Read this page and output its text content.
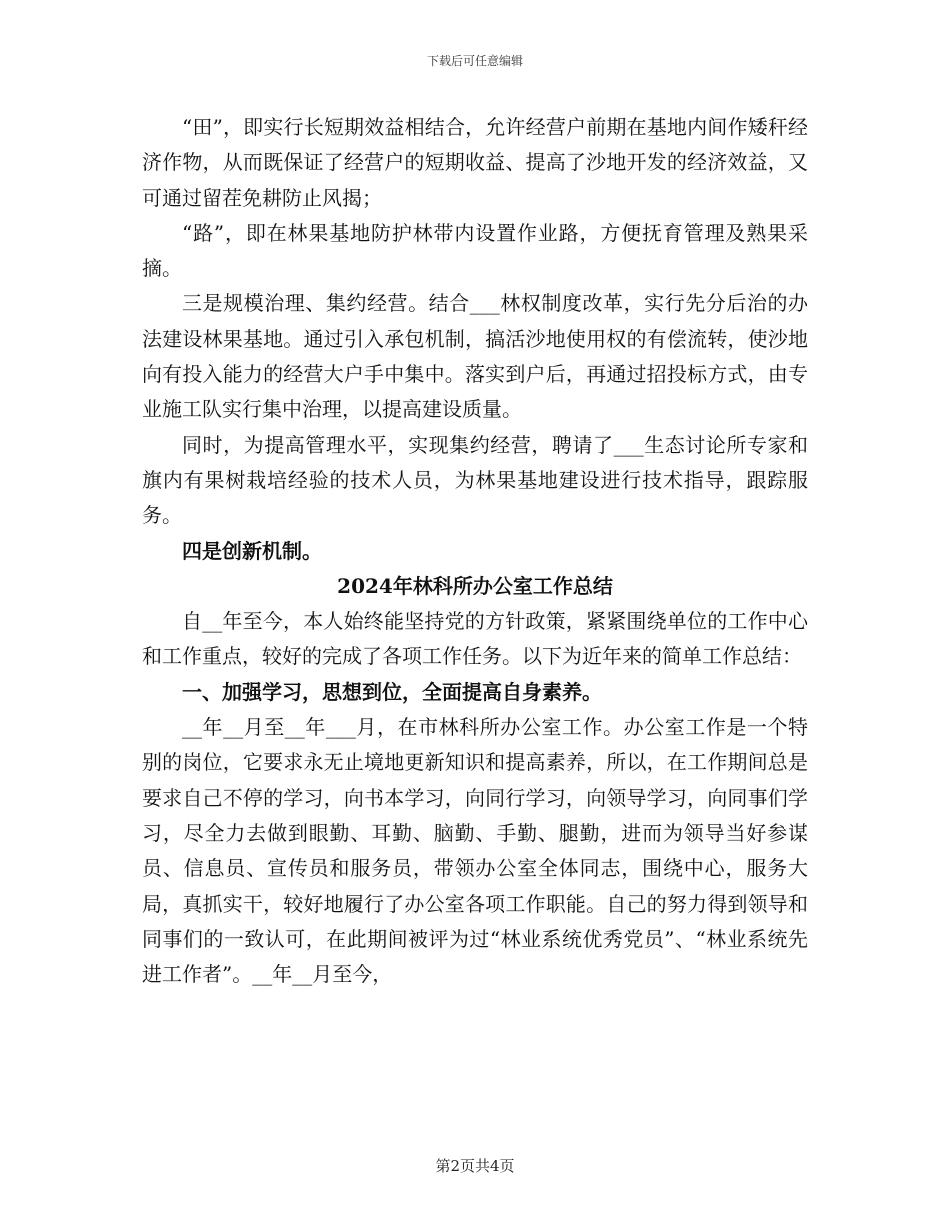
下载后可任意编辑

“田”，即实行长短期效益相结合，允许经营户前期在基地内间作矮秆经济作物，从而既保证了经营户的短期收益、提高了沙地开发的经济效益，又可通过留茬免耕防止风揭；

“路”，即在林果基地防护林带内设置作业路，方便抚育管理及熟果采摘。

三是规模治理、集约经营。结合___林权制度改革，实行先分后治的办法建设林果基地。通过引入承包机制，搞活沙地使用权的有偿流转，使沙地向有投入能力的经营大户手中集中。落实到户后，再通过招投标方式，由专业施工队实行集中治理，以提高建设质量。

同时，为提高管理水平，实现集约经营，聘请了___生态讨论所专家和旗内有果树栽培经验的技术人员，为林果基地建设进行技术指导，跟踪服务。

四是创新机制。

2024年林科所办公室工作总结

自__年至今，本人始终能坚持党的方针政策，紧紧围绕单位的工作中心和工作重点，较好的完成了各项工作任务。以下为近年来的简单工作总结：

一、加强学习，思想到位，全面提高自身素养。

__年__月至__年___月，在市林科所办公室工作。办公室工作是一个特别的岗位，它要求永无止境地更新知识和提高素养，所以，在工作期间总是要求自己不停的学习，向书本学习，向同行学习，向领导学习，向同事们学习，尽全力去做到眼勤、耳勤、脑勤、手勤、腿勤，进而为领导当好参谋员、信息员、宣传员和服务员，带领办公室全体同志，围绕中心，服务大局，真抓实干，较好地履行了办公室各项工作职能。自己的努力得到领导和同事们的一致认可，在此期间被评为过“林业系统优秀党员”、“林业系统先进工作者”。__年__月至今，

第2页共4页
